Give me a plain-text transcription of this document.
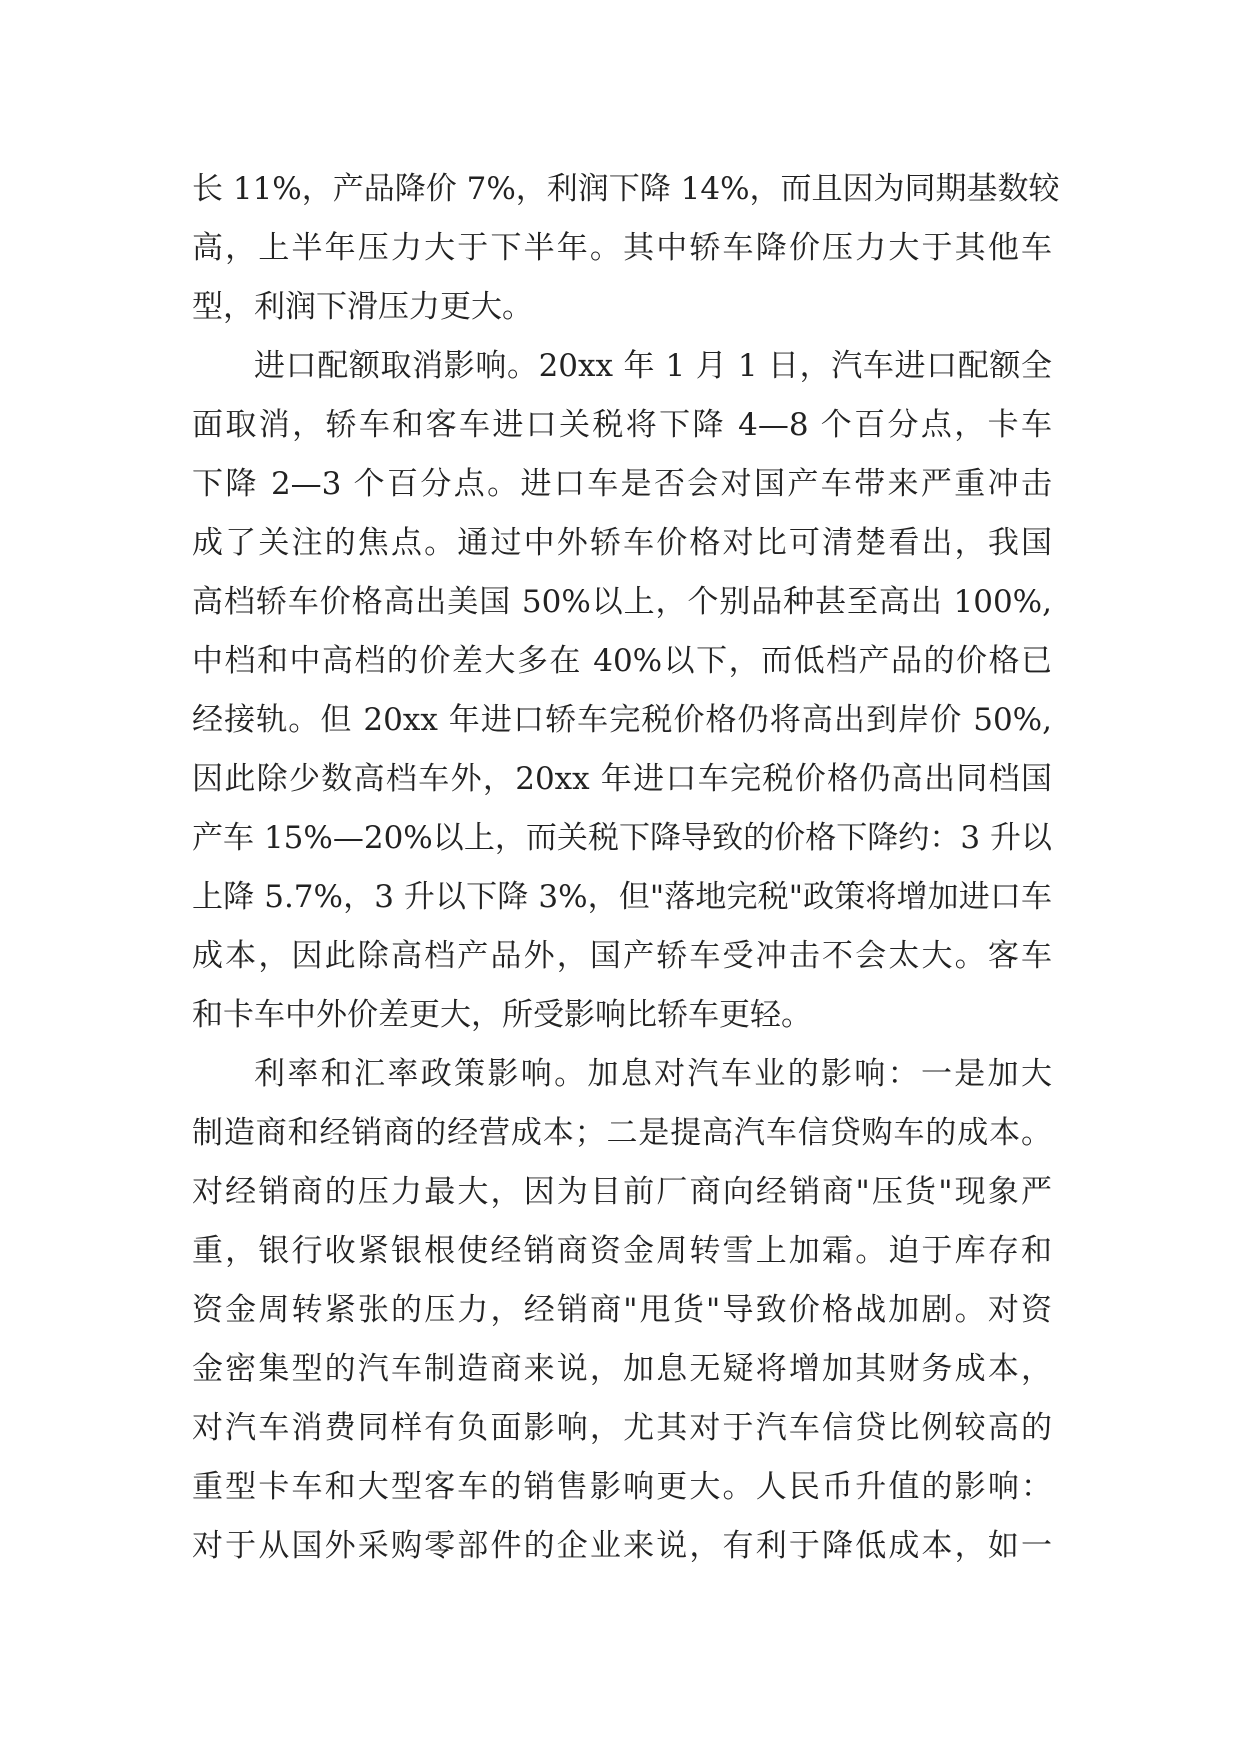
长 11%，产品降价 7%，利润下降 14%，而且因为同期基数较
高，上半年压力大于下半年。其中轿车降价压力大于其他车
型，利润下滑压力更大。
进口配额取消影响。20xx 年 1 月 1 日，汽车进口配额全
面取消，轿车和客车进口关税将下降 4—8 个百分点，卡车
下降 2—3 个百分点。进口车是否会对国产车带来严重冲击
成了关注的焦点。通过中外轿车价格对比可清楚看出，我国
高档轿车价格高出美国 50%以上，个别品种甚至高出 100%,
中档和中高档的价差大多在 40%以下，而低档产品的价格已
经接轨。但 20xx 年进口轿车完税价格仍将高出到岸价 50%,
因此除少数高档车外，20xx 年进口车完税价格仍高出同档国
产车 15%—20%以上，而关税下降导致的价格下降约：3 升以
上降 5.7%，3 升以下降 3%，但"落地完税"政策将增加进口车
成本，因此除高档产品外，国产轿车受冲击不会太大。客车
和卡车中外价差更大，所受影响比轿车更轻。
利率和汇率政策影响。加息对汽车业的影响：一是加大
制造商和经销商的经营成本；二是提高汽车信贷购车的成本。
对经销商的压力最大，因为目前厂商向经销商"压货"现象严
重，银行收紧银根使经销商资金周转雪上加霜。迫于库存和
资金周转紧张的压力，经销商"甩货"导致价格战加剧。对资
金密集型的汽车制造商来说，加息无疑将增加其财务成本，
对汽车消费同样有负面影响，尤其对于汽车信贷比例较高的
重型卡车和大型客车的销售影响更大。人民币升值的影响：
对于从国外采购零部件的企业来说，有利于降低成本，如一
